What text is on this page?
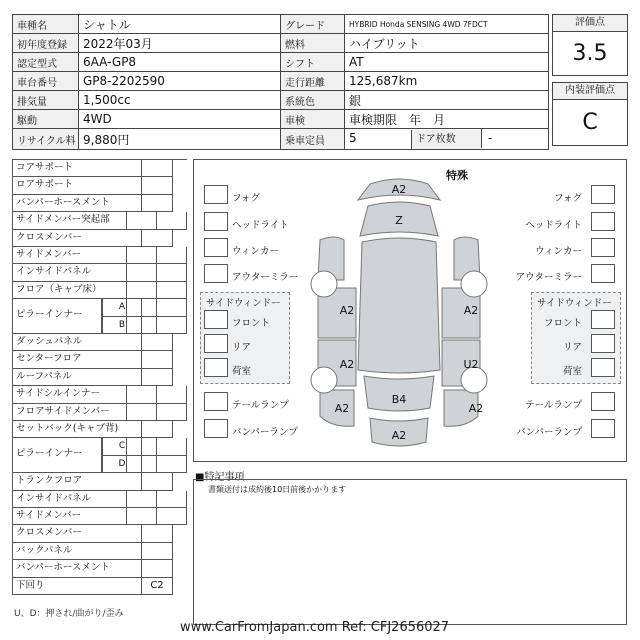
車種名	シャトル	グレード	HYBRID Honda SENSING 4WD 7FDCT
初年度登録	2022年03月	燃料	ハイブリット
認定型式	6AA-GP8	シフト	AT
車台番号	GP8-2202590	走行距離	125,687km
排気量	1,500cc	系統色	銀
駆動	4WD	車検	車検期限　年　月
リサイクル料	9,880円	乗車定員	5 ドア枚数 -
評価点
3.5
内装評価点
C
コアサポート
ロアサポート
バンパーホースメント
サイドメンバー突起部
クロスメンバー
サイドメンバー
インサイドパネル
フロア（キャブ床）
ピラーインナー
A
B
ダッシュパネル
センターフロア
ルーフパネル
サイドシルインナー
フロアサイドメンバー
セットバック(キャブ背)
ピラーインナー
C
D
トランクフロア
インサイドパネル
サイドメンバー
クロスメンバー
バックパネル
バンパーホースメント
下回り	C2
特殊
フォグ
ヘッドライト
ウィンカー
アウターミラー
フォグ
ヘッドライト
ウィンカー
アウターミラー
サイドウィンドー
フロント
リア
荷室
サイドウィンドー
フロント
リア
荷室
テールランプ
バンパーランプ
テールランプ
バンパーランプ
A2
Z
A2	A2
A2	U2
A2	A2
B4
A2
■特記事項
書類送付は成約後10日前後かかります
U、D：押され/曲がり/歪み
www.CarFromJapan.com Ref: CFJ2656027
